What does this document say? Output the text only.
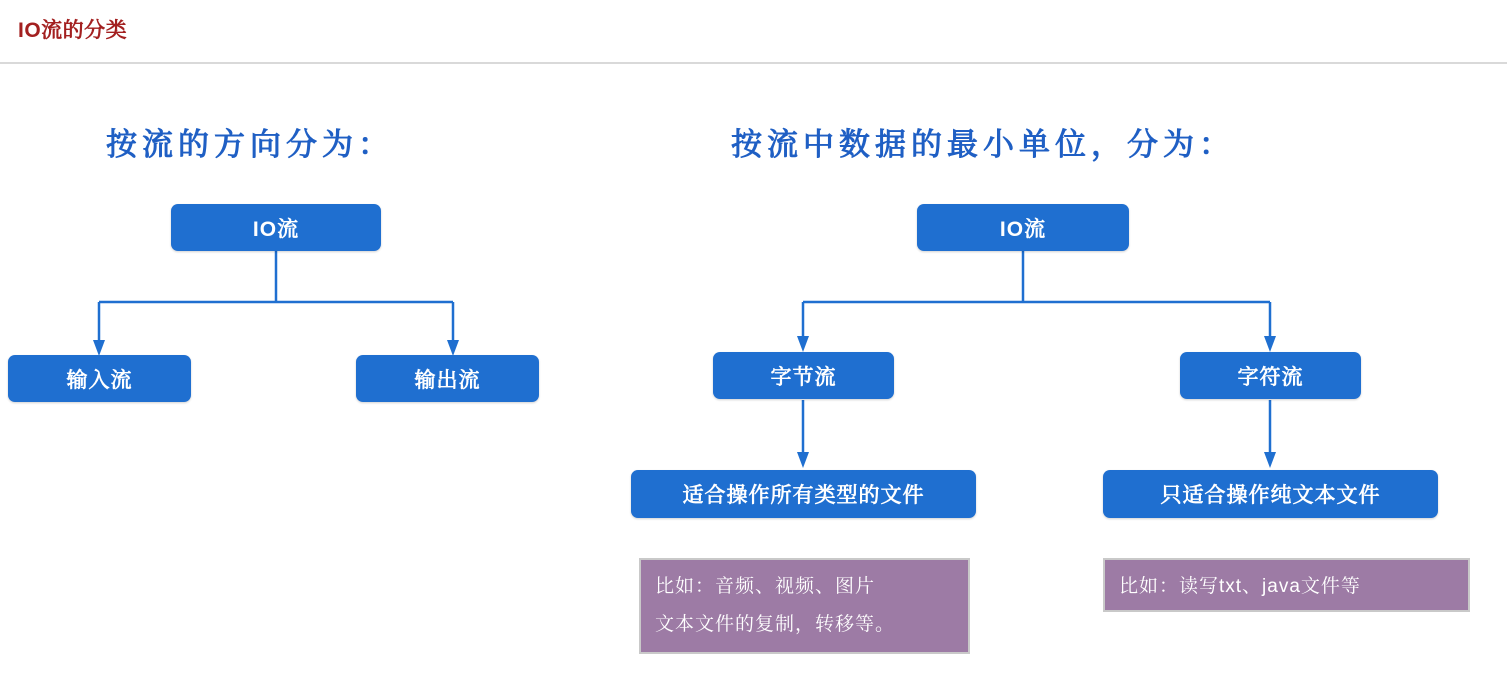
IO流的分类
按流的方向分为：	按流中数据的最小单位，分为：
IO流
输入流	输出流
IO流
字节流	字符流
适合操作所有类型的文件	只适合操作纯文本文件
比如：音频、视频、图片
文本文件的复制，转移等。
比如：读写txt、java文件等
